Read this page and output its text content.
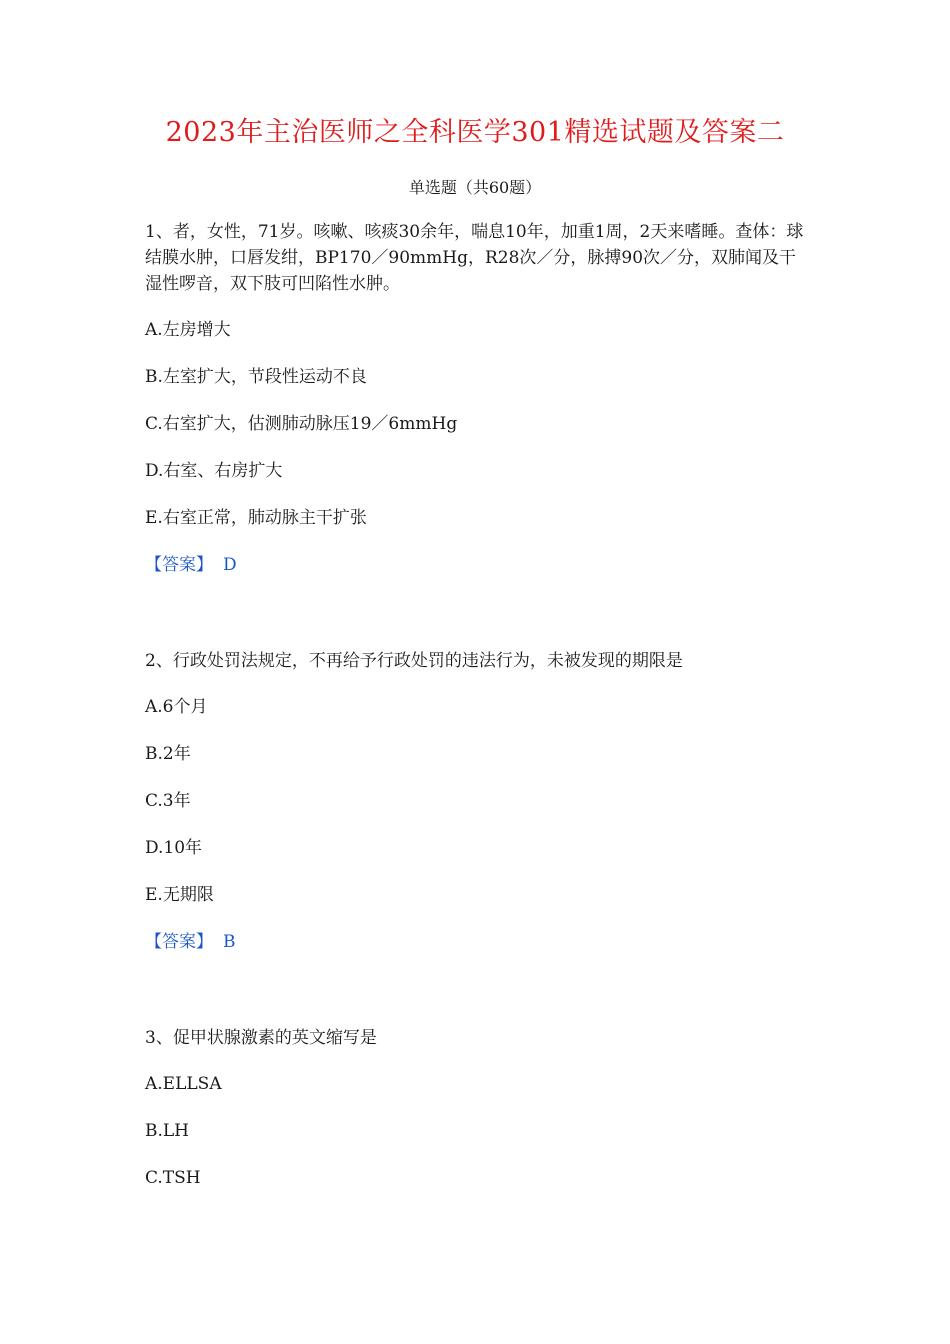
2023年主治医师之全科医学301精选试题及答案二
单选题（共60题）
1、者，女性，71岁。咳嗽、咳痰30余年，喘息10年，加重1周，2天来嗜睡。查体：球结膜水肿，口唇发绀，BP170／90mmHg，R28次／分，脉搏90次／分，双肺闻及干湿性啰音，双下肢可凹陷性水肿。
A.左房增大
B.左室扩大，节段性运动不良
C.右室扩大，估测肺动脉压19／6mmHg
D.右室、右房扩大
E.右室正常，肺动脉主干扩张
【答案】 D
2、行政处罚法规定，不再给予行政处罚的违法行为，未被发现的期限是
A.6个月
B.2年
C.3年
D.10年
E.无期限
【答案】 B
3、促甲状腺激素的英文缩写是
A.ELLSA
B.LH
C.TSH
